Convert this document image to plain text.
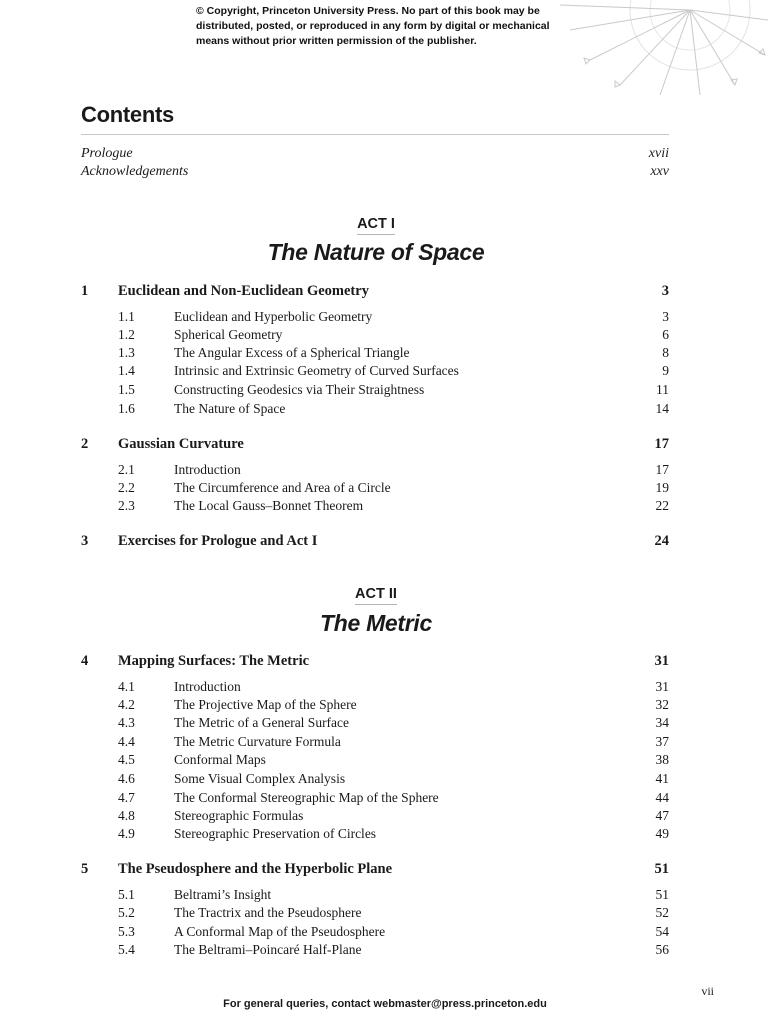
© Copyright, Princeton University Press. No part of this book may be
distributed, posted, or reproduced in any form by digital or mechanical
means without prior written permission of the publisher.
Contents
Prologue	xvii
Acknowledgements	xxv
ACT I
The Nature of Space
1 Euclidean and Non-Euclidean Geometry	3
1.1	Euclidean and Hyperbolic Geometry	3
1.2	Spherical Geometry	6
1.3	The Angular Excess of a Spherical Triangle	8
1.4	Intrinsic and Extrinsic Geometry of Curved Surfaces	9
1.5	Constructing Geodesics via Their Straightness	11
1.6	The Nature of Space	14
2 Gaussian Curvature	17
2.1	Introduction	17
2.2	The Circumference and Area of a Circle	19
2.3	The Local Gauss–Bonnet Theorem	22
3 Exercises for Prologue and Act I	24
ACT II
The Metric
4 Mapping Surfaces: The Metric	31
4.1	Introduction	31
4.2	The Projective Map of the Sphere	32
4.3	The Metric of a General Surface	34
4.4	The Metric Curvature Formula	37
4.5	Conformal Maps	38
4.6	Some Visual Complex Analysis	41
4.7	The Conformal Stereographic Map of the Sphere	44
4.8	Stereographic Formulas	47
4.9	Stereographic Preservation of Circles	49
5 The Pseudosphere and the Hyperbolic Plane	51
5.1	Beltrami’s Insight	51
5.2	The Tractrix and the Pseudosphere	52
5.3	A Conformal Map of the Pseudosphere	54
5.4	The Beltrami–Poincaré Half-Plane	56
vii
For general queries, contact webmaster@press.princeton.edu
